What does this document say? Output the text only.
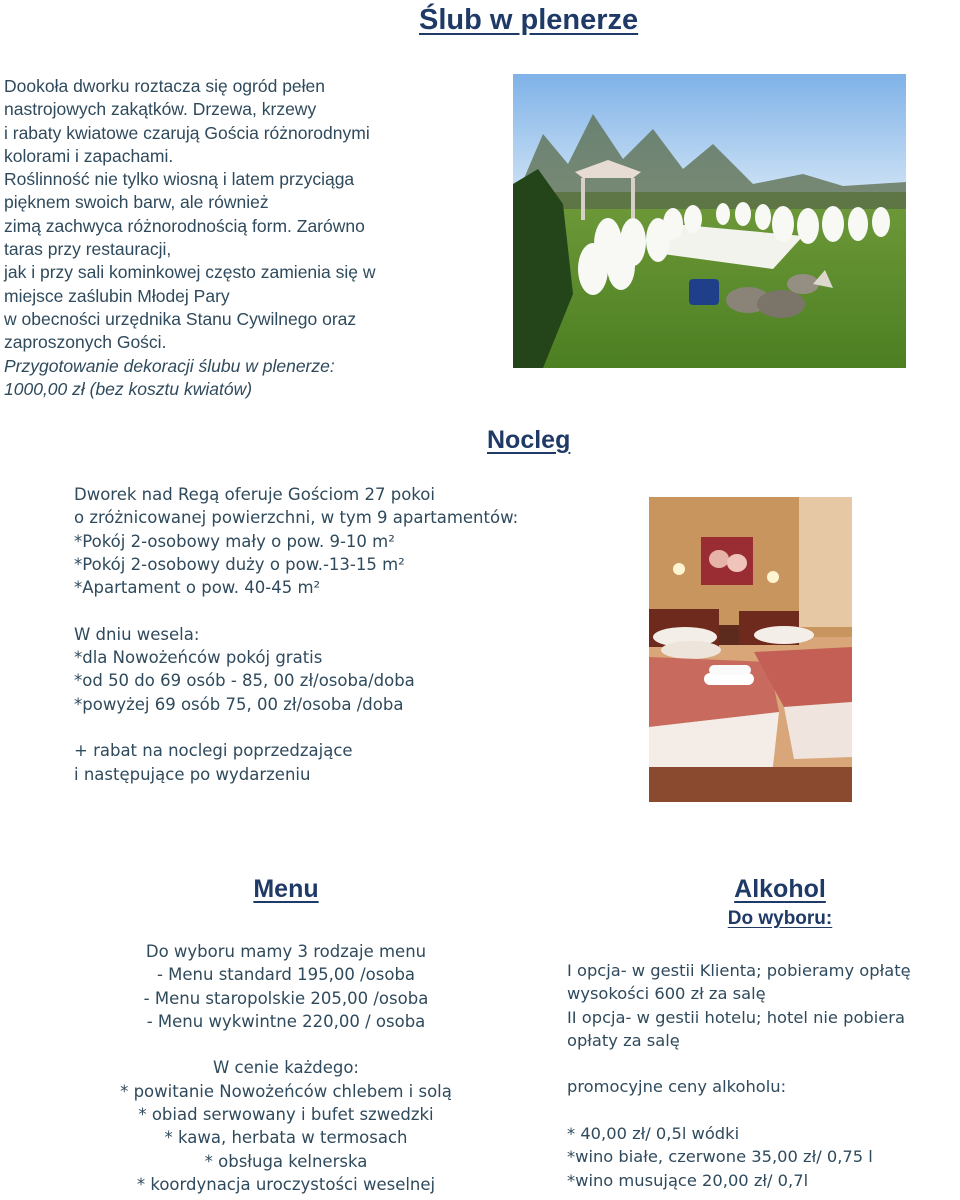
Ślub w plenerze
Dookoła dworku roztacza się ogród pełen
nastrojowych zakątków. Drzewa, krzewy
i rabaty kwiatowe czarują Gościa różnorodnymi
kolorami i zapachami.
Roślinność nie tylko wiosną i latem przyciąga
pięknem swoich barw, ale również
zimą zachwyca różnorodnością form. Zarówno
taras przy restauracji,
jak i przy sali kominkowej często zamienia się w
miejsce zaślubin Młodej Pary
w obecności urzędnika Stanu Cywilnego oraz
zaproszonych Gości.
Przygotowanie dekoracji ślubu w plenerze:
1000,00 zł (bez kosztu kwiatów)
Nocleg
Dworek nad Regą oferuje Gościom 27 pokoi
o zróżnicowanej powierzchni, w tym 9 apartamentów:
*Pokój 2-osobowy mały o pow. 9-10 m²
*Pokój 2-osobowy duży o pow.-13-15 m²
*Apartament o pow. 40-45 m²

W dniu wesela:
*dla Nowożeńców pokój gratis
*od 50 do 69 osób - 85, 00 zł/osoba/doba
*powyżej 69 osób 75, 00 zł/osoba /doba

+ rabat na noclegi poprzedzające
i następujące po wydarzeniu
Menu
Do wyboru mamy 3 rodzaje menu
- Menu standard 195,00 /osoba
- Menu staropolskie 205,00 /osoba
- Menu wykwintne 220,00 / osoba

W cenie każdego:
* powitanie Nowożeńców chlebem i solą
* obiad serwowany i bufet szwedzki
* kawa, herbata w termosach
* obsługa kelnerska
* koordynacja uroczystości weselnej
Alkohol
Do wyboru:
I opcja- w gestii Klienta; pobieramy opłatę
wysokości 600 zł za salę
II opcja- w gestii hotelu; hotel nie pobiera
opłaty za salę

promocyjne ceny alkoholu:

* 40,00 zł/ 0,5l wódki
*wino białe, czerwone 35,00 zł/ 0,75 l
*wino musujące 20,00 zł/ 0,7l
